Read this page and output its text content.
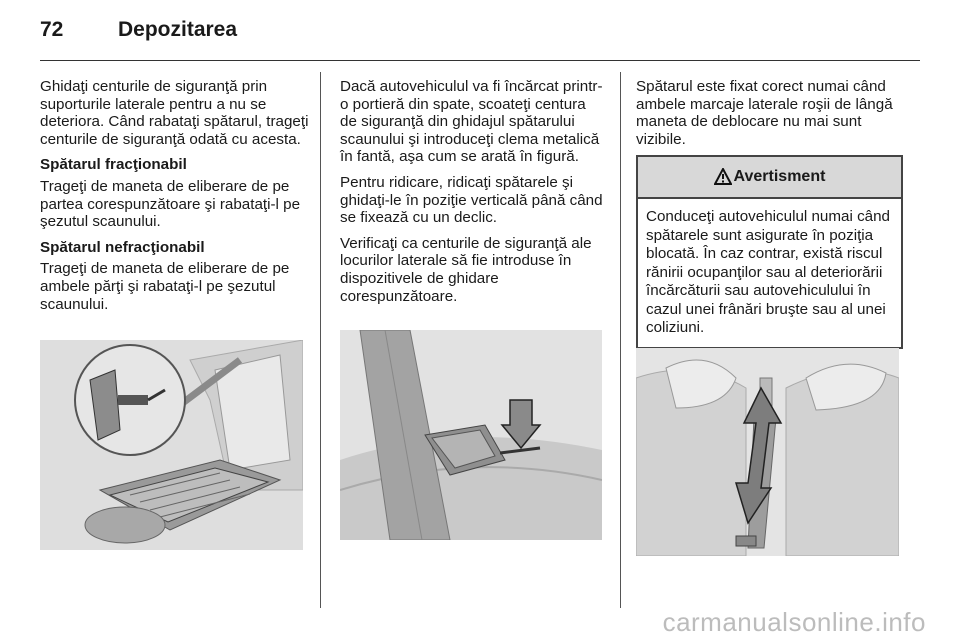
72	Depozitarea

Ghidaţi centurile de siguranţă prin suporturile laterale pentru a nu se deteriora. Când rabataţi spătarul, trageţi centurile de siguranţă odată cu acesta.

Spătarul fracţionabil

Trageţi de maneta de eliberare de pe partea corespunzătoare şi rabataţi-l pe şezutul scaunului.

Spătarul nefracţionabil

Trageţi de maneta de eliberare de pe ambele părţi şi rabataţi-l pe şezutul scaunului.

Dacă autovehiculul va fi încărcat printr-o portieră din spate, scoateţi centura de siguranţă din ghidajul spătarului scaunului şi introduceţi clema metalică în fantă, aşa cum se arată în figură.

Pentru ridicare, ridicaţi spătarele şi ghidaţi-le în poziţie verticală până când se fixează cu un declic.

Verificaţi ca centurile de siguranţă ale locurilor laterale să fie introduse în dispozitivele de ghidare corespunzătoare.

Spătarul este fixat corect numai când ambele marcaje laterale roşii de lângă maneta de deblocare nu mai sunt vizibile.

Avertisment
Conduceţi autovehiculul numai când spătarele sunt asigurate în poziţia blocată. În caz contrar, există riscul rănirii ocupanţilor sau al deteriorării încărcăturii sau autovehiculului în cazul unei frânări bruşte sau al unei coliziuni.
carmanualsonline.info
